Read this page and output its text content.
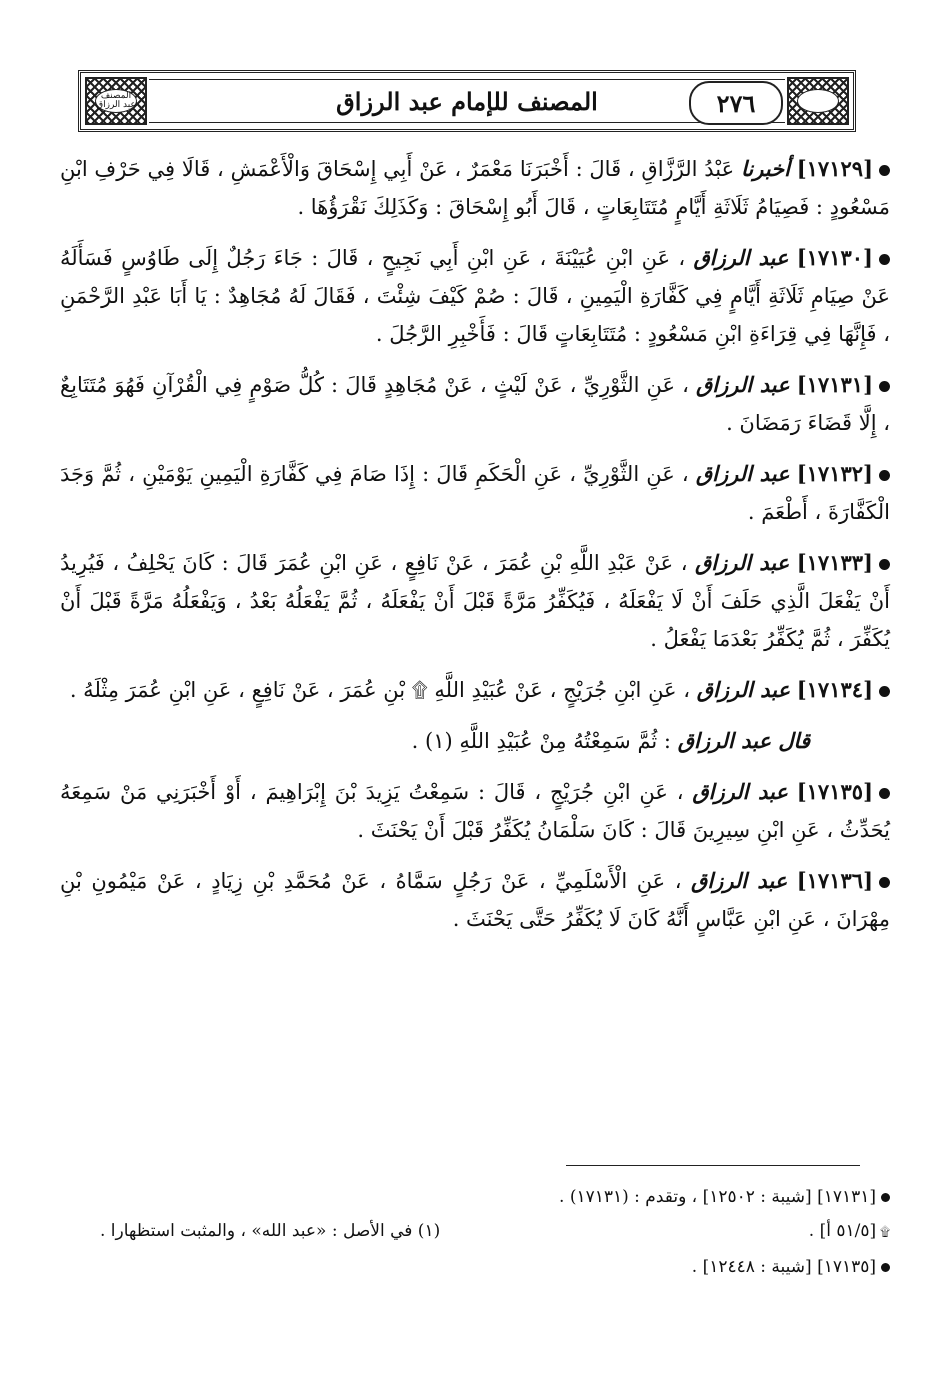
المصنف عبد الرزاق	المصنف للإمام عبد الرزاق	٢٧٦
[١٧١٢٩] أخبرنا عَبْدُ الرَّزَّاقِ ، قَالَ : أَخْبَرَنَا مَعْمَرٌ ، عَنْ أَبِي إِسْحَاقَ وَالْأَعْمَشِ ، قَالَا فِي حَرْفِ ابْنِ مَسْعُودٍ : فَصِيَامُ ثَلَاثَةِ أَيَّامٍ مُتَتَابِعَاتٍ ، قَالَ أَبُو إِسْحَاقَ : وَكَذَلِكَ نَقْرَؤُهَا .
[١٧١٣٠] عبد الرزاق ، عَنِ ابْنِ عُيَيْنَةَ ، عَنِ ابْنِ أَبِي نَجِيحٍ ، قَالَ : جَاءَ رَجُلٌ إِلَى طَاوُسٍ فَسَأَلَهُ عَنْ صِيَامِ ثَلَاثَةِ أَيَّامٍ فِي كَفَّارَةِ الْيَمِينِ ، قَالَ : صُمْ كَيْفَ شِئْتَ ، فَقَالَ لَهُ مُجَاهِدٌ : يَا أَبَا عَبْدِ الرَّحْمَنِ ، فَإِنَّهَا فِي قِرَاءَةِ ابْنِ مَسْعُودٍ : مُتَتَابِعَاتٍ قَالَ : فَأَخْبِرِ الرَّجُلَ .
[١٧١٣١] عبد الرزاق ، عَنِ الثَّوْرِيِّ ، عَنْ لَيْثٍ ، عَنْ مُجَاهِدٍ قَالَ : كُلُّ صَوْمٍ فِي الْقُرْآنِ فَهُوَ مُتَتَابِعٌ ، إِلَّا قَضَاءَ رَمَضَانَ .
[١٧١٣٢] عبد الرزاق ، عَنِ الثَّوْرِيِّ ، عَنِ الْحَكَمِ قَالَ : إِذَا صَامَ فِي كَفَّارَةِ الْيَمِينِ يَوْمَيْنِ ، ثُمَّ وَجَدَ الْكَفَّارَةَ ، أَطْعَمَ .
[١٧١٣٣] عبد الرزاق ، عَنْ عَبْدِ اللَّهِ بْنِ عُمَرَ ، عَنْ نَافِعٍ ، عَنِ ابْنِ عُمَرَ قَالَ : كَانَ يَحْلِفُ ، فَيُرِيدُ أَنْ يَفْعَلَ الَّذِي حَلَفَ أَنْ لَا يَفْعَلَهُ ، فَيُكَفِّرُ مَرَّةً قَبْلَ أَنْ يَفْعَلَهُ ، ثُمَّ يَفْعَلُهُ بَعْدُ ، وَيَفْعَلُهُ مَرَّةً قَبْلَ أَنْ يُكَفِّرَ ، ثُمَّ يُكَفِّرُ بَعْدَمَا يَفْعَلُ .
[١٧١٣٤] عبد الرزاق ، عَنِ ابْنِ جُرَيْجٍ ، عَنْ عُبَيْدِ اللَّهِ ۩ بْنِ عُمَرَ ، عَنْ نَافِعٍ ، عَنِ ابْنِ عُمَرَ مِثْلَهُ .
قال عبد الرزاق : ثُمَّ سَمِعْتُهُ مِنْ عُبَيْدِ اللَّهِ (١) .
[١٧١٣٥] عبد الرزاق ، عَنِ ابْنِ جُرَيْجٍ ، قَالَ : سَمِعْتُ يَزِيدَ بْنَ إِبْرَاهِيمَ ، أَوْ أَخْبَرَنِي مَنْ سَمِعَهُ يُحَدِّثُ ، عَنِ ابْنِ سِيرِينَ قَالَ : كَانَ سَلْمَانُ يُكَفِّرُ قَبْلَ أَنْ يَحْنَثَ .
[١٧١٣٦] عبد الرزاق ، عَنِ الْأَسْلَمِيِّ ، عَنْ رَجُلٍ سَمَّاهُ ، عَنْ مُحَمَّدِ بْنِ زِيَادٍ ، عَنْ مَيْمُونِ بْنِ مِهْرَانَ ، عَنِ ابْنِ عَبَّاسٍ أَنَّهُ كَانَ لَا يُكَفِّرُ حَتَّى يَحْنَثَ .
[١٧١٣١] [شيبة : ١٢٥٠٢] ، وتقدم : (١٧١٣١) .
۩[٥١/٥ أ] .
(١) في الأصل : «عبد الله» ، والمثبت استظهارا .
[١٧١٣٥] [شيبة : ١٢٤٤٨] .
